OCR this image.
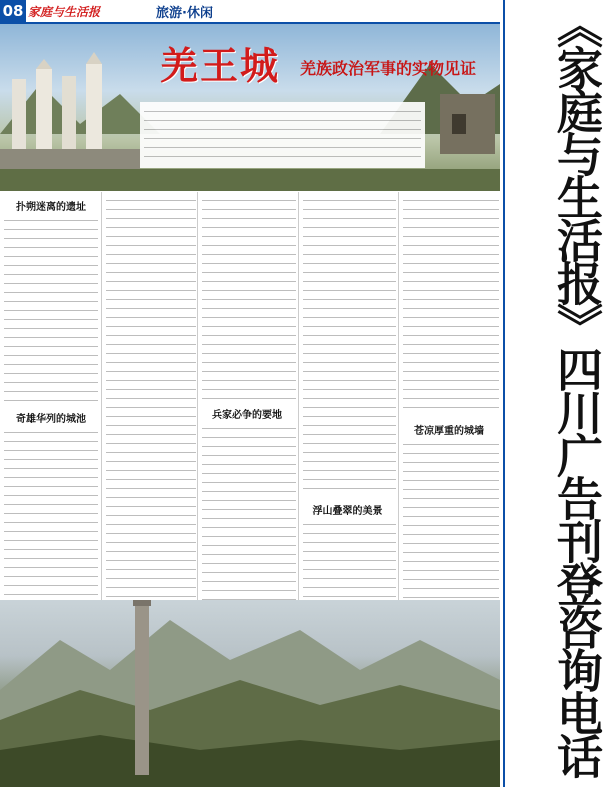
08 家庭与生活报	旅游·休闲
羌王城 羌族政治军事的实物见证
扑朔迷离的遗址
奇雄华列的城池	兵家必争的要地
浮山叠翠的美景
苍凉厚重的城墙	《家庭与生活报》四川广告刊登咨询电话
